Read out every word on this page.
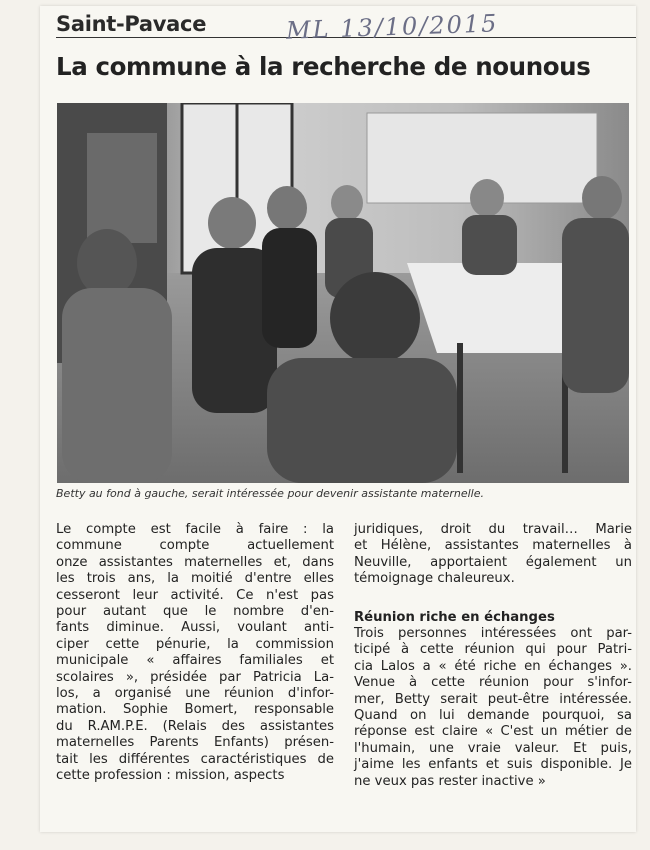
Saint-Pavace	ML 13/10/2015
La commune à la recherche de nounous
Betty au fond à gauche, serait intéressée pour devenir assistante maternelle.
Le compte est facile à faire : la
commune compte actuellement
onze assistantes maternelles et, dans
les trois ans, la moitié d'entre elles
cesseront leur activité. Ce n'est pas
pour autant que le nombre d'en-
fants diminue. Aussi, voulant anti-
ciper cette pénurie, la commission
municipale « affaires familiales et
scolaires », présidée par Patricia La-
los, a organisé une réunion d'infor-
mation. Sophie Bomert, responsable
du R.AM.P.E. (Relais des assistantes
maternelles Parents Enfants) présen-
tait les différentes caractéristiques de
cette profession : mission, aspects
juridiques, droit du travail… Marie
et Hélène, assistantes maternelles à
Neuville, apportaient également un
témoignage chaleureux.
Réunion riche en échanges
Trois personnes intéressées ont par-
ticipé à cette réunion qui pour Patri-
cia Lalos a « été riche en échanges ».
Venue à cette réunion pour s'infor-
mer, Betty serait peut-être intéressée.
Quand on lui demande pourquoi, sa
réponse est claire « C'est un métier de
l'humain, une vraie valeur. Et puis,
j'aime les enfants et suis disponible. Je
ne veux pas rester inactive »
